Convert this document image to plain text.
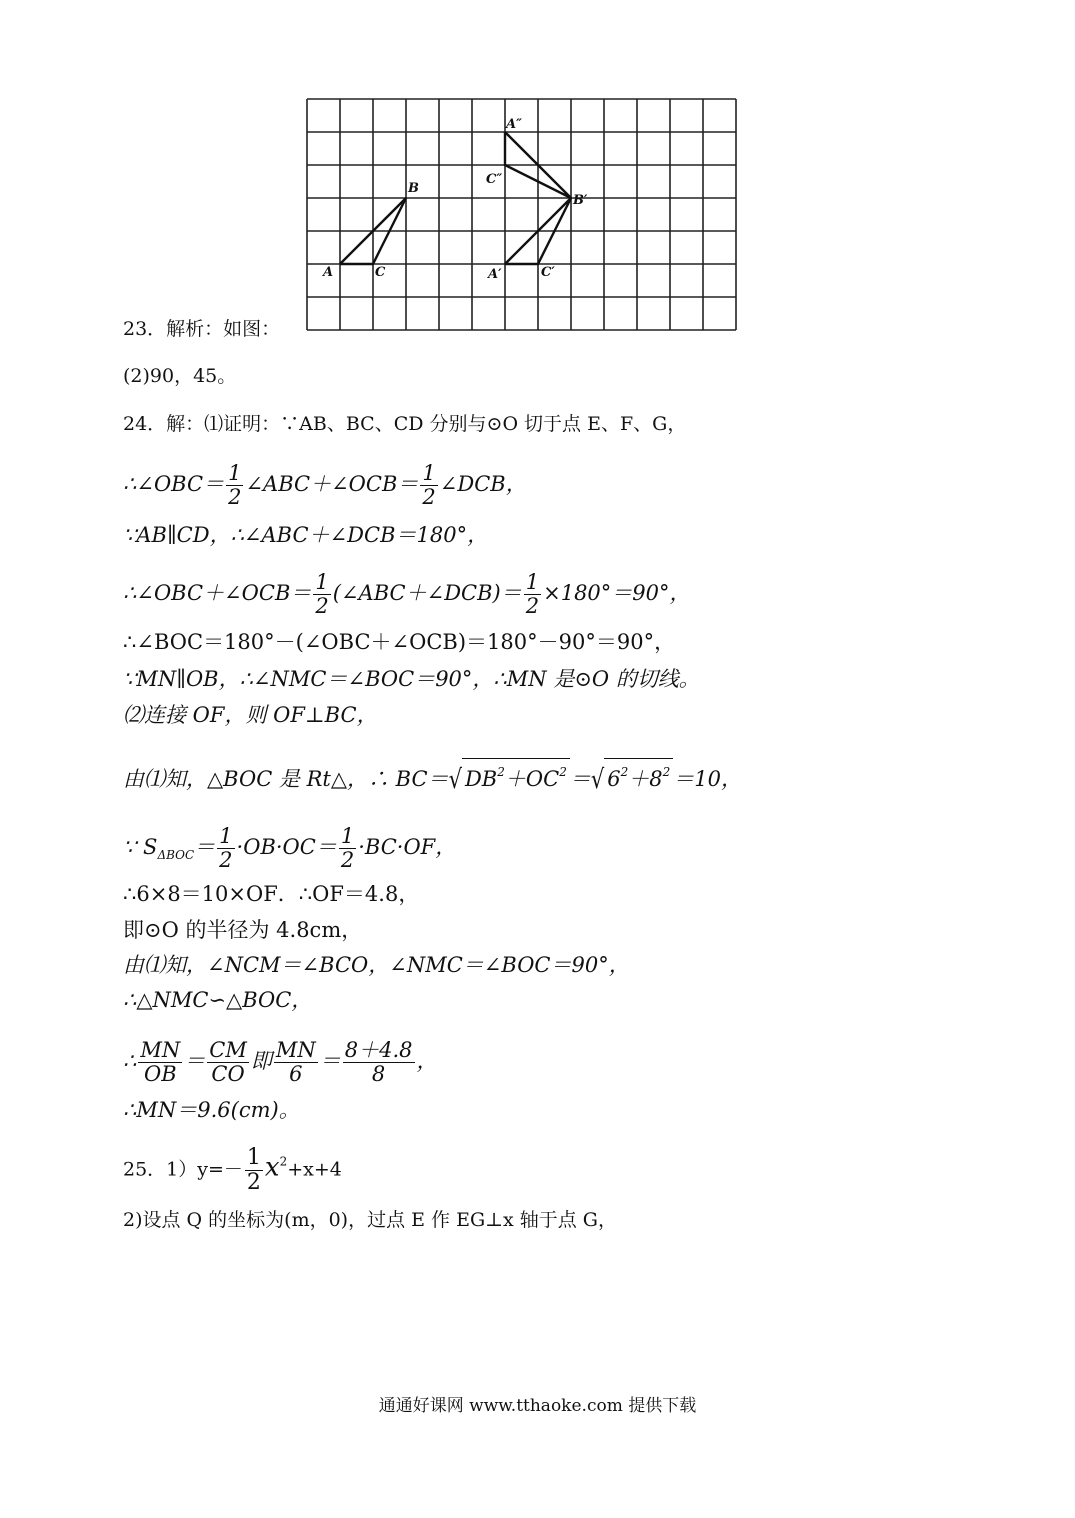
A
B
C	A′
B′
C′
A″
C″
23．解析：如图：
(2)90，45。
24．解：⑴证明：∵AB、BC、CD 分别与⊙O 切于点 E、F、G，
∴∠OBC＝ $\frac{1}{2}$ ∠ABC＋∠OCB＝ $\frac{1}{2}$ ∠DCB，
∵AB∥CD，∴∠ABC＋∠DCB＝180°，
∴∠OBC＋∠OCB＝ $\frac{1}{2}$ (∠ABC＋∠DCB)＝ $\frac{1}{2} \times 180^\circ=90^\circ$，
∴∠BOC＝180°－(∠OBC＋∠OCB)＝180°－90°＝90°，
∵MN∥OB，∴∠NMC＝∠BOC＝90°，∴MN 是⊙O 的切线。
⑵连接 OF，则 OF⊥BC，
由⑴知，△BOC 是 Rt△，∴ BC＝√ $DB^2+OC^2$ ＝√ $6^2+8^2 =10$，
∵ $S_{\Delta BOC}= \frac{1}{2} \cdot OB\cdot OC= \frac{1}{2} \cdot BC\cdot OF$，
∴6×8＝10×OF．∴OF＝4.8，
即⊙O 的半径为 4.8cm，
由⑴知，∠NCM＝∠BCO，∠NMC＝∠BOC＝90°，
∴△NMC∽△BOC，
∴ $\frac{MN}{OB} = \frac{CM}{CO}$ 即 $\frac{MN}{6} = \frac{8+4.8}{8}$ ，
∴MN＝9.6(cm)。
25．$1)y=- \frac{1}{2} x^2+x+4$
2)设点 Q 的坐标为(m，0)，过点 E 作 EG⊥x 轴于点 G，
通通好课网 www.tthaoke.com 提供下载
